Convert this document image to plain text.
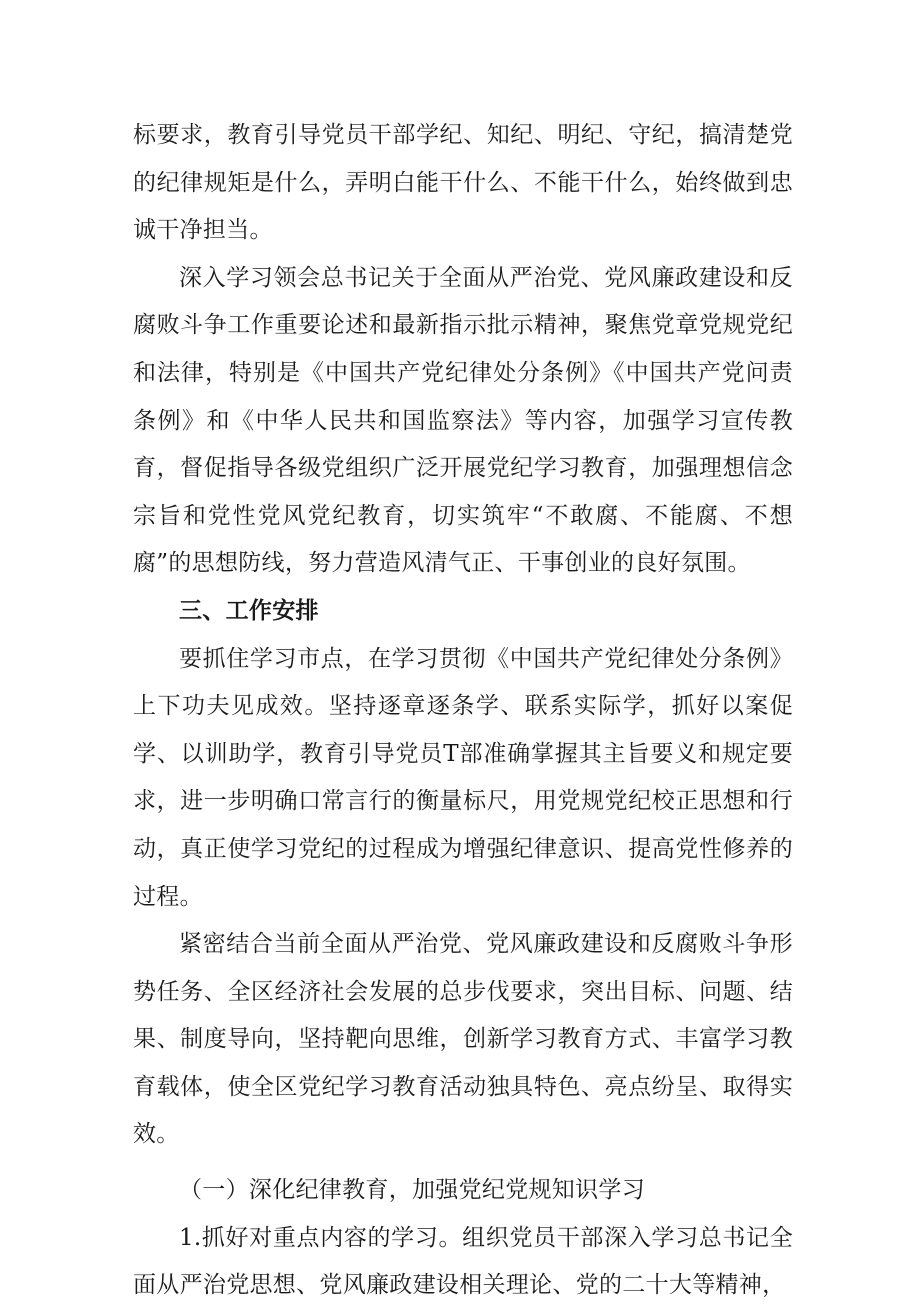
标要求，教育引导党员干部学纪、知纪、明纪、守纪，搞清楚党的纪律规矩是什么，弄明白能干什么、不能干什么，始终做到忠诚干净担当。

深入学习领会总书记关于全面从严治党、党风廉政建设和反腐败斗争工作重要论述和最新指示批示精神，聚焦党章党规党纪和法律，特别是《中国共产党纪律处分条例》《中国共产党问责条例》和《中华人民共和国监察法》等内容，加强学习宣传教育，督促指导各级党组织广泛开展党纪学习教育，加强理想信念宗旨和党性党风党纪教育，切实筑牢“不敢腐、不能腐、不想腐”的思想防线，努力营造风清气正、干事创业的良好氛围。

三、工作安排

要抓住学习市点，在学习贯彻《中国共产党纪律处分条例》上下功夫见成效。坚持逐章逐条学、联系实际学，抓好以案促学、以训助学，教育引导党员T部准确掌握其主旨要义和规定要求，进一步明确口常言行的衡量标尺，用党规党纪校正思想和行动，真正使学习党纪的过程成为增强纪律意识、提高党性修养的过程。

紧密结合当前全面从严治党、党风廉政建设和反腐败斗争形势任务、全区经济社会发展的总步伐要求，突出目标、问题、结果、制度导向，坚持靶向思维，创新学习教育方式、丰富学习教育载体，使全区党纪学习教育活动独具特色、亮点纷呈、取得实效。

（一）深化纪律教育，加强党纪党规知识学习

1.抓好对重点内容的学习。组织党员干部深入学习总书记全面从严治党思想、党风廉政建设相关理论、党的二十大等精神，
